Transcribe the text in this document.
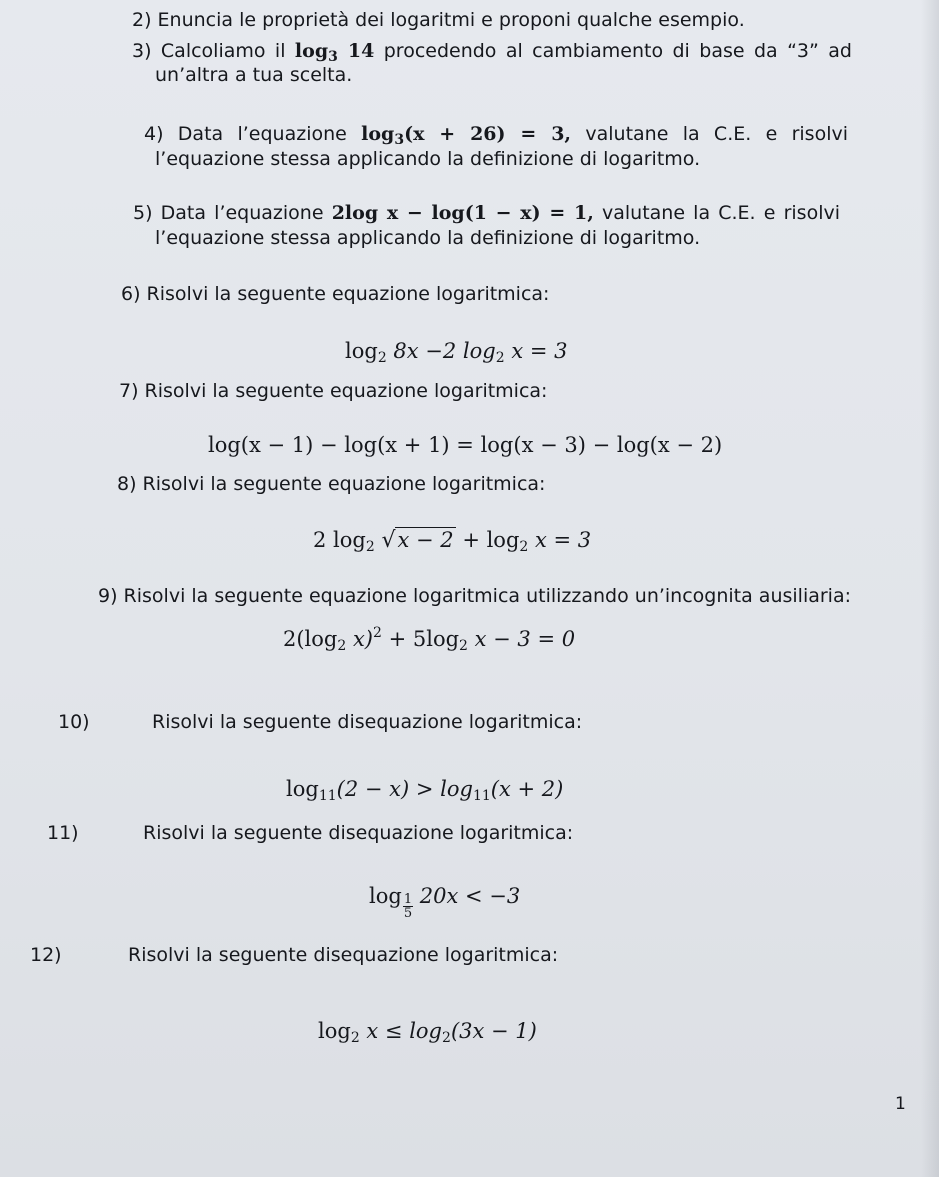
2) Enuncia le proprietà dei logaritmi e proponi qualche esempio.
3) Calcoliamo il $\log_3 14$ procedendo al cambiamento di base da “3” ad
un’altra a tua scelta.
4) Data l’equazione $\log_3(x + 26) = 3$, valutane la C.E. e risolvi
l’equazione stessa applicando la definizione di logaritmo.
5) Data l’equazione 2log x − log(1 − x) = 1, valutane la C.E. e risolvi
l’equazione stessa applicando la definizione di logaritmo.
6) Risolvi la seguente equazione logaritmica:
$\log_2 8x -2$ $\log_2 x = 3$
7) Risolvi la seguente equazione logaritmica:
log(x − 1) − log(x + 1) = log(x − 3) − log(x − 2)
8) Risolvi la seguente equazione logaritmica:
2 $\log_2 √x - 2 + \log_2 x = 3$
9) Risolvi la seguente equazione logaritmica utilizzando un’incognita ausiliaria:
$2(\log_2$ $x)^2 + 5\log_2$ x − 3 = 0
10)	Risolvi la seguente disequazione logaritmica:
$\log_{11}(2 - x) > \log_{11}(x + 2)$
11)	Risolvi la seguente disequazione logaritmica:
$\log \frac{1}{5} 20x < -3$
12)	Risolvi la seguente disequazione logaritmica:
$\log_2 x \le \log_2(3x - 1)$
1
